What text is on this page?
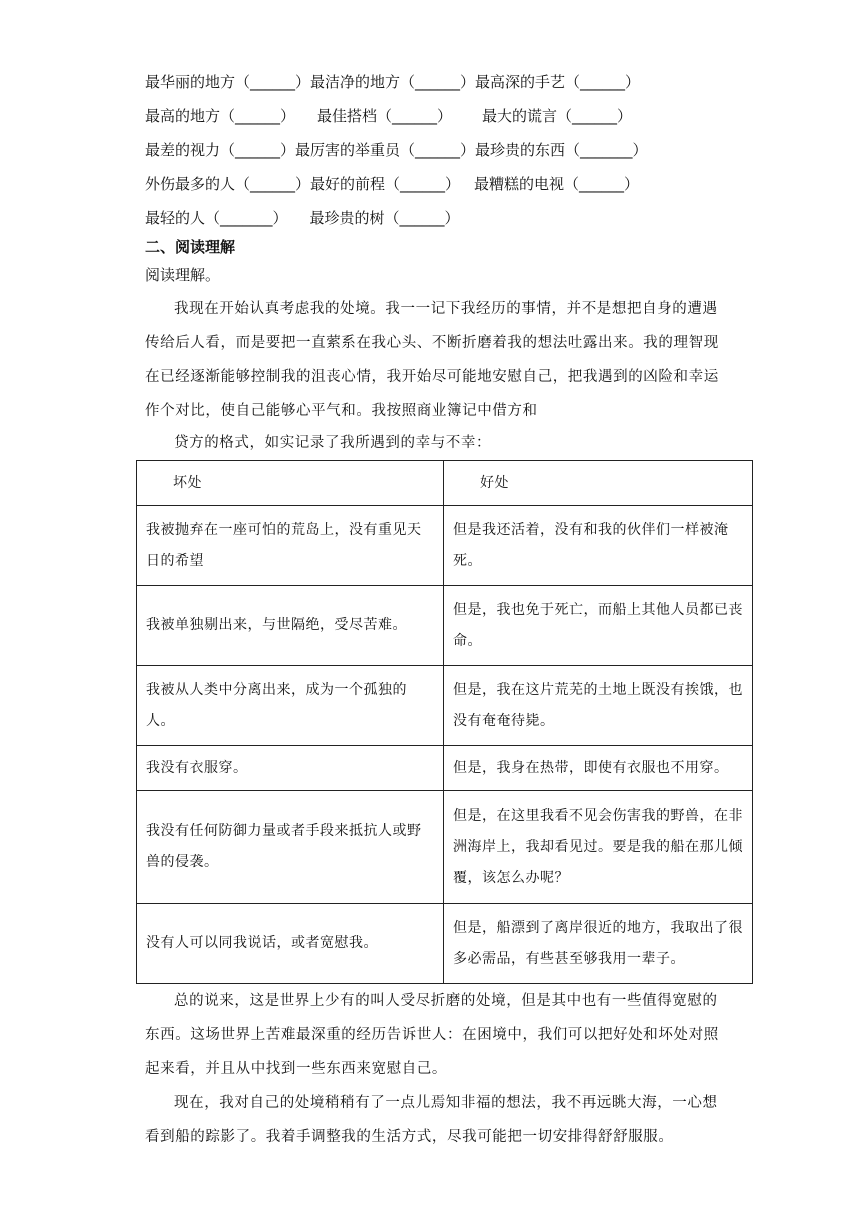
最华丽的地方（______）最洁净的地方（______）最高深的手艺（______）
最高的地方（______） 最佳搭档（______） 最大的谎言（______）
最差的视力（______）最厉害的举重员（______）最珍贵的东西（_______）
外伤最多的人（______）最好的前程（______） 最糟糕的电视（______）
最轻的人（_______） 最珍贵的树（______）
二、阅读理解
阅读理解。

我现在开始认真考虑我的处境。我一一记下我经历的事情，并不是想把自身的遭遇传给后人看，而是要把一直萦系在我心头、不断折磨着我的想法吐露出来。我的理智现在已经逐渐能够控制我的沮丧心情，我开始尽可能地安慰自己，把我遇到的凶险和幸运作个对比，使自己能够心平气和。我按照商业簿记中借方和

贷方的格式，如实记录了我所遇到的幸与不幸：

坏处	好处
我被抛弃在一座可怕的荒岛上，没有重见天日的希望	但是我还活着，没有和我的伙伴们一样被淹死。
我被单独剔出来，与世隔绝，受尽苦难。	但是，我也免于死亡，而船上其他人员都已丧命。
我被从人类中分离出来，成为一个孤独的人。	但是，我在这片荒芜的土地上既没有挨饿，也没有奄奄待毙。
我没有衣服穿。	但是，我身在热带，即使有衣服也不用穿。
我没有任何防御力量或者手段来抵抗人或野兽的侵袭。	但是，在这里我看不见会伤害我的野兽，在非洲海岸上，我却看见过。要是我的船在那儿倾覆，该怎么办呢？
没有人可以同我说话，或者宽慰我。	但是，船漂到了离岸很近的地方，我取出了很多必需品，有些甚至够我用一辈子。

总的说来，这是世界上少有的叫人受尽折磨的处境，但是其中也有一些值得宽慰的东西。这场世界上苦难最深重的经历告诉世人：在困境中，我们可以把好处和坏处对照起来看，并且从中找到一些东西来宽慰自己。

现在，我对自己的处境稍稍有了一点儿焉知非福的想法，我不再远眺大海，一心想看到船的踪影了。我着手调整我的生活方式，尽我可能把一切安排得舒舒服服。
